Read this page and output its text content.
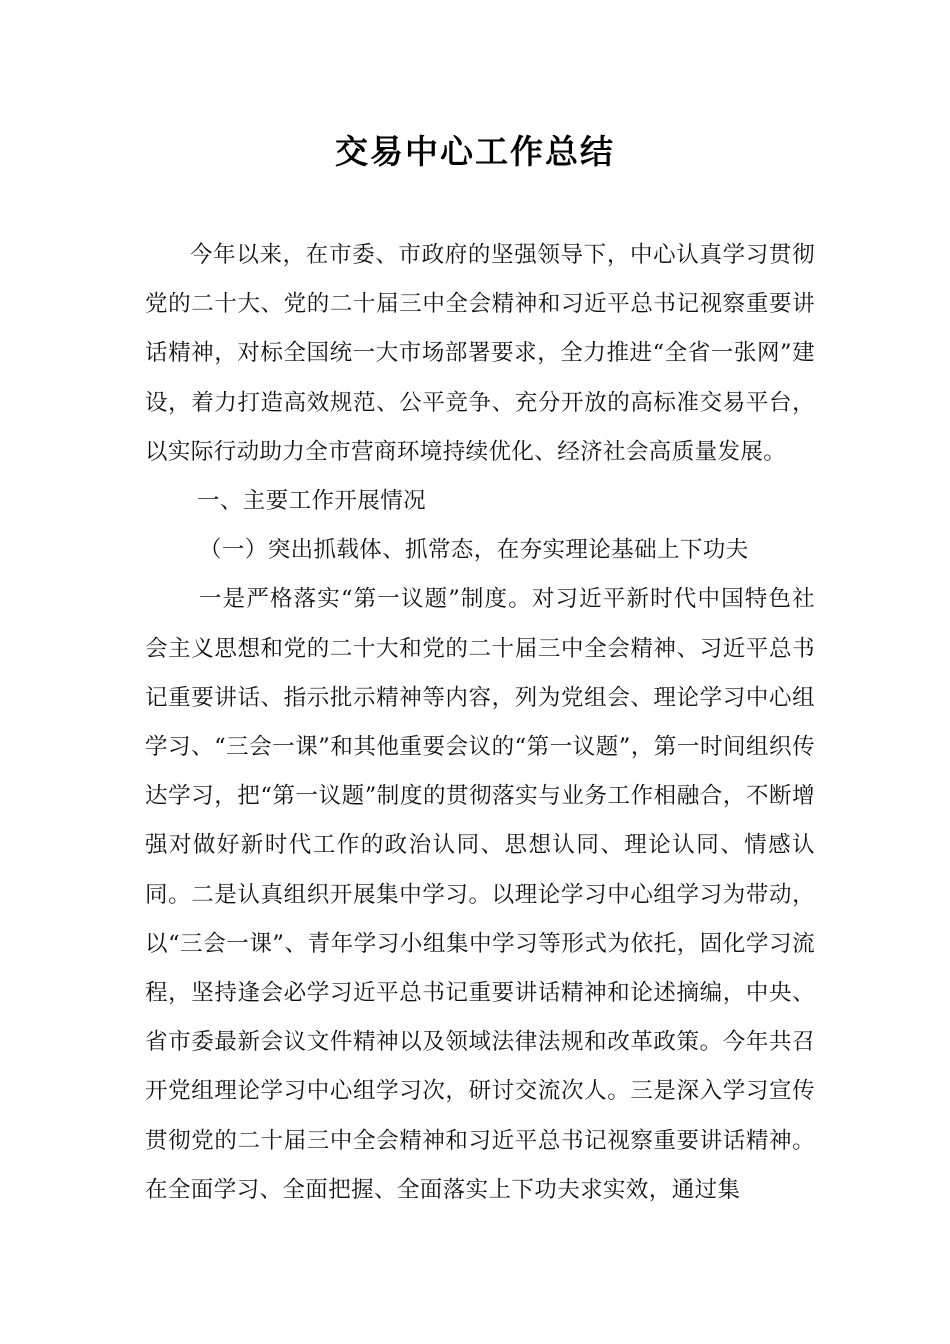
交易中心工作总结

今年以来，在市委、市政府的坚强领导下，中心认真学习贯彻党的二十大、党的二十届三中全会精神和习近平总书记视察重要讲话精神，对标全国统一大市场部署要求，全力推进“全省一张网”建设，着力打造高效规范、公平竞争、充分开放的高标准交易平台，以实际行动助力全市营商环境持续优化、经济社会高质量发展。

一、主要工作开展情况

（一）突出抓载体、抓常态，在夯实理论基础上下功夫

一是严格落实“第一议题”制度。对习近平新时代中国特色社会主义思想和党的二十大和党的二十届三中全会精神、习近平总书记重要讲话、指示批示精神等内容，列为党组会、理论学习中心组学习、“三会一课”和其他重要会议的“第一议题”，第一时间组织传达学习，把“第一议题”制度的贯彻落实与业务工作相融合，不断增强对做好新时代工作的政治认同、思想认同、理论认同、情感认同。二是认真组织开展集中学习。以理论学习中心组学习为带动，以“三会一课”、青年学习小组集中学习等形式为依托，固化学习流程，坚持逢会必学习近平总书记重要讲话精神和论述摘编，中央、省市委最新会议文件精神以及领域法律法规和改革政策。今年共召开党组理论学习中心组学习次，研讨交流次人。三是深入学习宣传贯彻党的二十届三中全会精神和习近平总书记视察重要讲话精神。在全面学习、全面把握、全面落实上下功夫求实效，通过集
